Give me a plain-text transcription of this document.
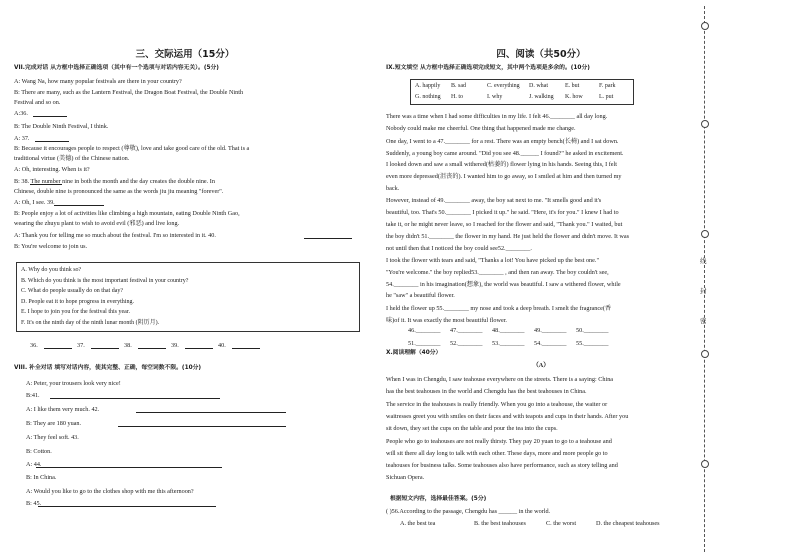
三、交际运用（15分）
VII.完成对话 从方框中选择正确选项（其中有一个选项与对话内容无关）。(5分)
A: Wang Na, how many popular festivals are there in your country?
B: There are many, such as the Lantern Festival, the Dragon Boat Festival, the Double Ninth
Festival and so on.
A:36.
B: The Double Ninth Festival, I think.
A: 37.
B: Because it encourages people to respect (尊敬), love and take good care of the old. That is a
traditional virtue (美德) of the Chinese nation.
A: Oh, interesting. When is it?
B: 38. The number nine in both the month and the day creates the double nine. In
Chinese, double nine is pronounced the same as the words jiu jiu meaning "forever".
A: Oh, I see. 39.
B: People enjoy a lot of activities like climbing a high mountain, eating Double Ninth Gao,
wearing the zhuyu plant to wish to avoid evil (邪恶) and live long.
A: Thank you for telling me so much about the festival. I'm so interested in it. 40.
B: You're welcome to join us.
A. Why do you think so?
B. Which do you think is the most important festival in your country?
C. What do people usually do on that day?
D. People eat it to hope progress in everything.
E. I hope to join you for the festival this year.
F. It's on the ninth day of the ninth lunar month (阴历月).
36.	37.	38.	39.	40.
VIII. 补全对话 填写对话内容，使其完整、正确，每空词数不限。(10分)
A: Peter, your trousers look very nice!
B:41.
A: I like them very much. 42.
B: They are 180 yuan.
A: They feel soft. 43.
B: Cotton.
A: 44.
B: In China.
A: Would you like to go to the clothes shop with me this afternoon?
B: 45.
四、阅读（共50分）
IX.短文填空 从方框中选择正确选项完成短文，其中两个选项是多余的。(10分)
A. happily B. sad	C. everything D. what	E. but	F. park
G. nothing H. to	I. why	J. walking K. how	L. put
There was a time when I had some difficulties in my life. I felt 46.________ all day long.
Nobody could make me cheerful. One thing that happened made me change.
One day, I went to a 47.________ for a rest. There was an empty bench(长椅) and I sat down.
Suddenly, a young boy came around. "Did you see 48.______ I found?" he asked in excitement.
I looked down and saw a small withered(枯萎的) flower lying in his hands. Seeing this, I felt
even more depressed(沮丧的). I wanted him to go away, so I smiled at him and then turned my
back.
However, instead of 49.________ away, the boy sat next to me. "It smells good and it's
beautiful, too. That's 50.________ I picked it up." he said. "Here, it's for you." I knew I had to
take it, or he might never leave, so I reached for the flower and said, "Thank you." I waited, but
the boy didn't 51.________ the flower in my hand. He just held the flower and didn't move. It was
not until then that I noticed the boy could see52.________.
I took the flower with tears and said, "Thanks a lot! You have picked up the best one."
"You're welcome." the boy replied53.________ , and then ran away. The boy couldn't see,
54.________ in his imagination(想象), the world was beautiful. I saw a withered flower, while
he "saw" a beautiful flower.
I held the flower up 55.________ my nose and took a deep breath. I smelt the fragrance(香
味)of it. It was exactly the most beautiful flower.
46.________ 47.________ 48.________ 49.________ 50.________
51.________ 52.________ 53.________ 54.________ 55.________
X.阅读理解（40分）
（A）
When I was in Chengdu, I saw teahouse everywhere on the streets. There is a saying: China
has the best teahouses in the world and Chengdu has the best teahouses in China.
The service in the teahouses is really friendly. When you go into a teahouse, the waiter or
waitresses greet you with smiles on their faces and with teapots and cups in their hands. After you
sit down, they set the cups on the table and pour the tea into the cups.
People who go to teahouses are not really thirsty. They pay 20 yuan to go to a teahouse and
will sit there all day long to talk with each other. These days, more and more people go to
teahouses for business talks. Some teahouses also have performance, such as story telling and
Sichuan Opera.
根据短文内容，选择最佳答案。(5分)
( )56.According to the passage, Chengdu has ______ in the world.
A. the best tea	B. the best teahouses	C. the worst	D. the cheapest teahouses
线
封
密
